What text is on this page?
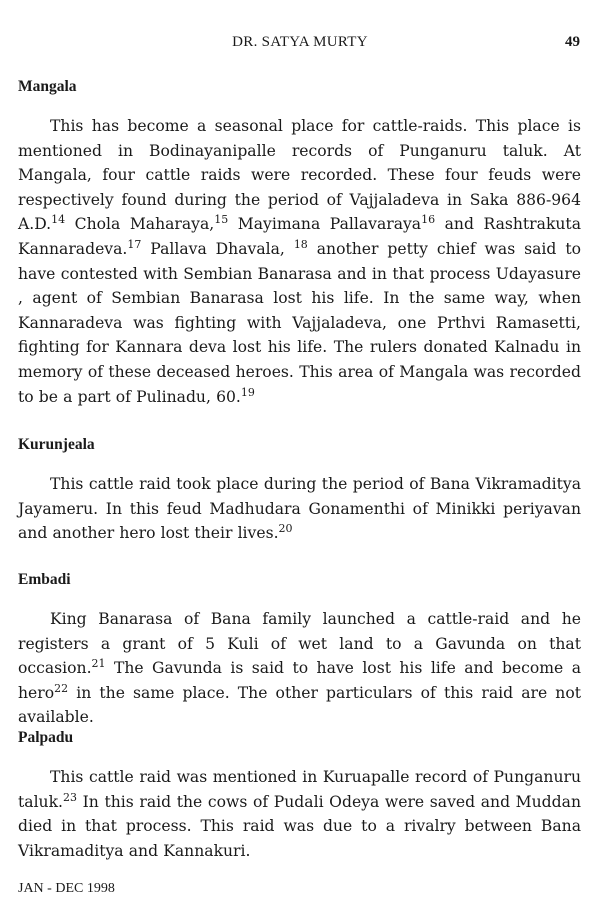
DR. SATYA MURTY	49
Mangala

This has become a seasonal place for cattle-raids. This place is mentioned in Bodinayanipalle records of Punganuru taluk. At Mangala, four cattle raids were recorded. These four feuds were respectively found during the period of Vajjaladeva in Saka 886-964 A.D.$^{14}$ Chola Maharaya,$^{15}$ Mayimana Pallavaraya$^{16}$ and Rashtrakuta Kannaradeva.$^{17}$ Pallava Dhavala, $^{18}$ another petty chief was said to have contested with Sembian Banarasa and in that process Udayasure , agent of Sembian Banarasa lost his life. In the same way, when Kannaradeva was fighting with Vajjaladeva, one Prthvi Ramasetti, fighting for Kannara deva lost his life. The rulers donated Kalnadu in memory of these deceased heroes. This area of Mangala was recorded to be a part of Pulinadu, 60.19

Kurunjeala

This cattle raid took place during the period of Bana Vikramaditya Jayameru. In this feud Madhudara Gonamenthi of Minikki periyavan and another hero lost their lives.$^{20}$

Embadi

King Banarasa of Bana family launched a cattle-raid and he registers a grant of 5 Kuli of wet land to a Gavunda on that occasion.$^{21}$ The Gavunda is said to have lost his life and become a hero$^{22}$ in the same place. The other particulars of this raid are not available.

Palpadu

This cattle raid was mentioned in Kuruapalle record of Punganuru taluk.$^{23}$ In this raid the cows of Pudali Odeya were saved and Muddan died in that process. This raid was due to a rivalry between Bana Vikramaditya and Kannakuri.

JAN - DEC 1998
